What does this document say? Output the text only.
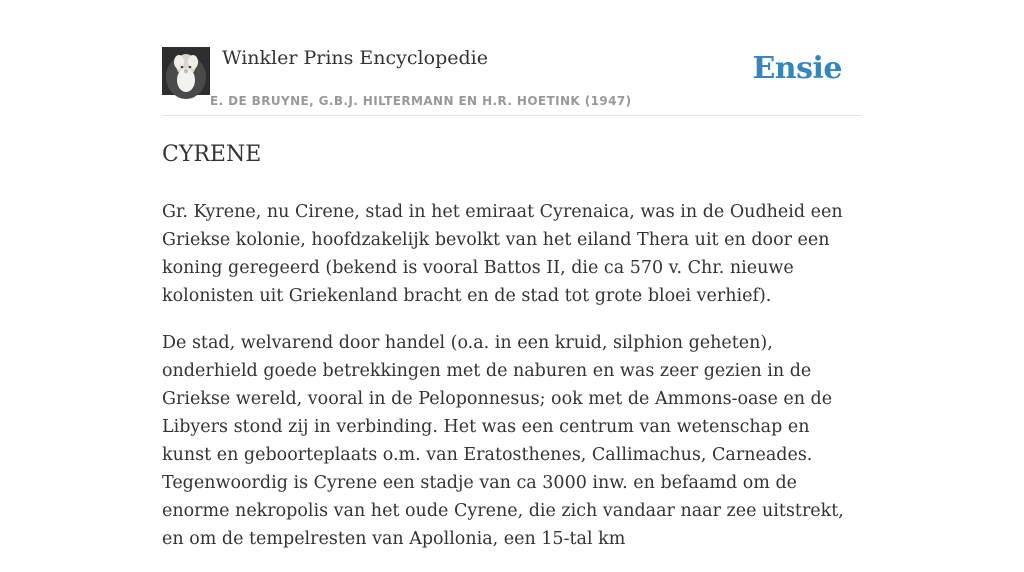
Winkler Prins Encyclopedie
E. DE BRUYNE, G.B.J. HILTERMANN EN H.R. HOETINK (1947)
Ensie
CYRENE

Gr. Kyrene, nu Cirene, stad in het emiraat Cyrenaica, was in de Oudheid een Griekse kolonie, hoofdzakelijk bevolkt van het eiland Thera uit en door een koning geregeerd (bekend is vooral Battos II, die ca 570 v. Chr. nieuwe kolonisten uit Griekenland bracht en de stad tot grote bloei verhief).

De stad, welvarend door handel (o.a. in een kruid, silphion geheten), onderhield goede betrekkingen met de naburen en was zeer gezien in de Griekse wereld, vooral in de Peloponnesus; ook met de Ammons-oase en de Libyers stond zij in verbinding. Het was een centrum van wetenschap en kunst en geboorteplaats o.m. van Eratosthenes, Callimachus, Carneades. Tegenwoordig is Cyrene een stadje van ca 3000 inw. en befaamd om de enorme nekropolis van het oude Cyrene, die zich vandaar naar zee uitstrekt, en om de tempelresten van Apollonia, een 15-tal km
